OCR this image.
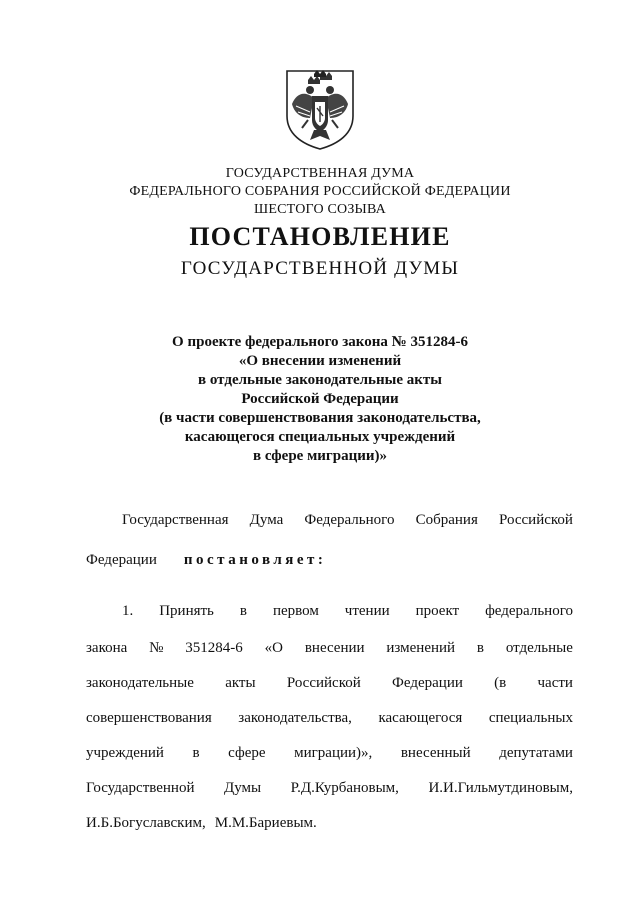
ГОСУДАРСТВЕННАЯ ДУМА
ФЕДЕРАЛЬНОГО СОБРАНИЯ РОССИЙСКОЙ ФЕДЕРАЦИИ
ШЕСТОГО СОЗЫВА
ПОСТАНОВЛЕНИЕ
ГОСУДАРСТВЕННОЙ ДУМЫ
О проекте федерального закона № 351284-6
«О внесении изменений
в отдельные законодательные акты
Российской Федерации
(в части совершенствования законодательства,
касающегося специальных учреждений
в сфере миграции)»
Государственная Дума Федерального Собрания Российской
Федерации постановляет:
1. Принять в первом чтении проект федерального
закона № 351284-6 «О внесении изменений в отдельные
законодательные акты Российской Федерации (в части
совершенствования законодательства, касающегося специальных
учреждений в сфере миграции)», внесенный депутатами
Государственной Думы Р.Д.Курбановым, И.И.Гильмутдиновым,
И.Б.Богуславским, М.М.Бариевым.
